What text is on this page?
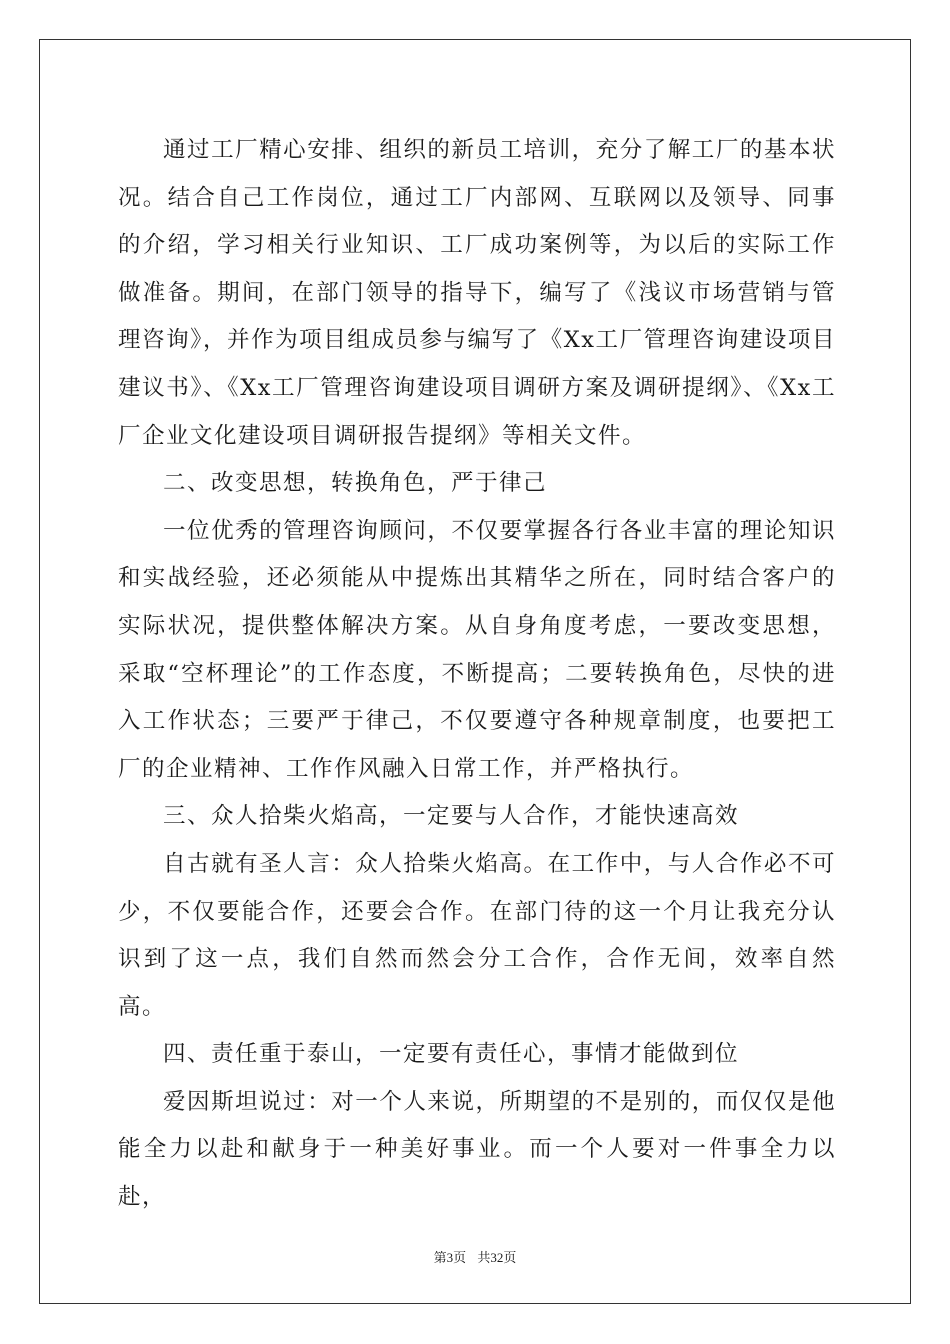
通过工厂精心安排、组织的新员工培训，充分了解工厂的基本状况。结合自己工作岗位，通过工厂内部网、互联网以及领导、同事的介绍，学习相关行业知识、工厂成功案例等，为以后的实际工作做准备。期间，在部门领导的指导下，编写了《浅议市场营销与管理咨询》，并作为项目组成员参与编写了《Xx工厂管理咨询建设项目建议书》、《Xx工厂管理咨询建设项目调研方案及调研提纲》、《Xx工厂企业文化建设项目调研报告提纲》等相关文件。

二、改变思想，转换角色，严于律己

一位优秀的管理咨询顾问，不仅要掌握各行各业丰富的理论知识和实战经验，还必须能从中提炼出其精华之所在，同时结合客户的实际状况，提供整体解决方案。从自身角度考虑，一要改变思想，采取“空杯理论”的工作态度，不断提高；二要转换角色，尽快的进入工作状态；三要严于律己，不仅要遵守各种规章制度，也要把工厂的企业精神、工作作风融入日常工作，并严格执行。

三、众人拾柴火焰高，一定要与人合作，才能快速高效

自古就有圣人言：众人拾柴火焰高。在工作中，与人合作必不可少，不仅要能合作，还要会合作。在部门待的这一个月让我充分认识到了这一点，我们自然而然会分工合作，合作无间，效率自然高。

四、责任重于泰山，一定要有责任心，事情才能做到位

爱因斯坦说过：对一个人来说，所期望的不是别的，而仅仅是他能全力以赴和献身于一种美好事业。而一个人要对一件事全力以赴，

第3页 共32页
